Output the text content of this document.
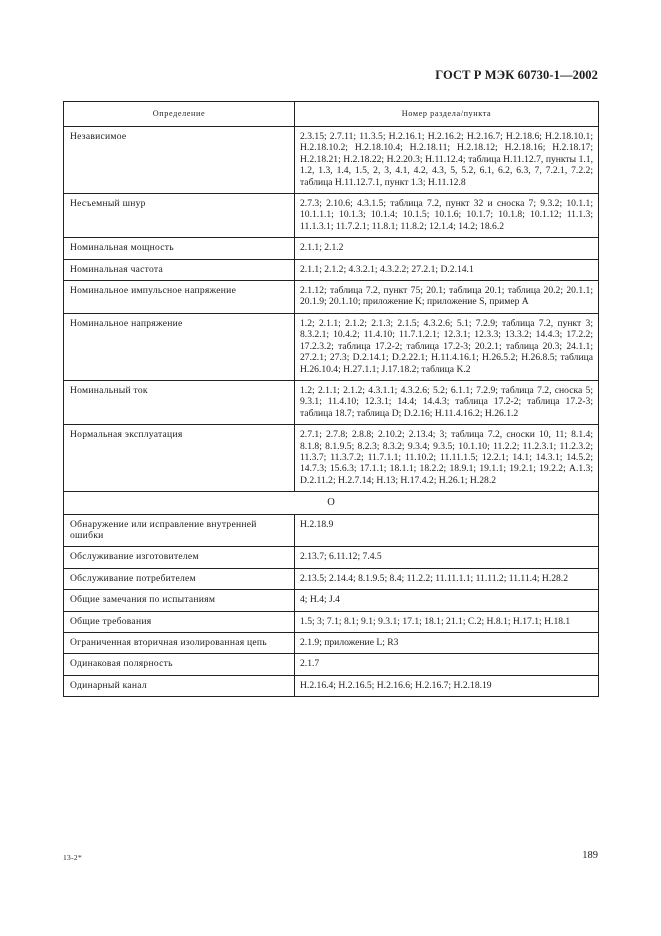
ГОСТ Р МЭК 60730-1—2002
Определение	Номер раздела/пункта
Независимое	2.3.15; 2.7.11; 11.3.5; Н.2.16.1; Н.2.16.2; Н.2.16.7; Н.2.18.6; Н.2.18.10.1; Н.2.18.10.2; Н.2.18.10.4; Н.2.18.11; Н.2.18.12; Н.2.18.16; Н.2.18.17; Н.2.18.21; Н.2.18.22; Н.2.20.3; Н.11.12.4; таблица Н.11.12.7, пункты 1.1, 1.2, 1.3, 1.4, 1.5, 2, 3, 4.1, 4.2, 4.3, 5, 5.2, 6.1, 6.2, 6.3, 7, 7.2.1, 7.2.2; таблица Н.11.12.7.1, пункт 1.3; Н.11.12.8
Несъемный шнур	2.7.3; 2.10.6; 4.3.1.5; таблица 7.2, пункт 32 и сноска 7; 9.3.2; 10.1.1; 10.1.1.1; 10.1.3; 10.1.4; 10.1.5; 10.1.6; 10.1.7; 10.1.8; 10.1.12; 11.1.3; 11.1.3.1; 11.7.2.1; 11.8.1; 11.8.2; 12.1.4; 14.2; 18.6.2
Номинальная мощность	2.1.1; 2.1.2
Номинальная частота	2.1.1; 2.1.2; 4.3.2.1; 4.3.2.2; 27.2.1; D.2.14.1
Номинальное импульсное напряжение	2.1.12; таблица 7.2, пункт 75; 20.1; таблица 20.1; таблица 20.2; 20.1.1; 20.1.9; 20.1.10; приложение K; приложение S, пример А
Номинальное напряжение	1.2; 2.1.1; 2.1.2; 2.1.3; 2.1.5; 4.3.2.6; 5.1; 7.2.9; таблица 7.2, пункт 3; 8.3.2.1; 10.4.2; 11.4.10; 11.7.1.2.1; 12.3.1; 12.3.3; 13.3.2; 14.4.3; 17.2.2; 17.2.3.2; таблица 17.2-2; таблица 17.2-3; 20.2.1; таблица 20.3; 24.1.1; 27.2.1; 27.3; D.2.14.1; D.2.22.1; Н.11.4.16.1; Н.26.5.2; Н.26.8.5; таблица Н.26.10.4; Н.27.1.1; J.17.18.2; таблица K.2
Номинальный ток	1.2; 2.1.1; 2.1.2; 4.3.1.1; 4.3.2.6; 5.2; 6.1.1; 7.2.9; таблица 7.2, сноска 5; 9.3.1; 11.4.10; 12.3.1; 14.4; 14.4.3; таблица 17.2-2; таблица 17.2-3; таблица 18.7; таблица D; D.2.16; Н.11.4.16.2; Н.26.1.2
Нормальная эксплуатация	2.7.1; 2.7.8; 2.8.8; 2.10.2; 2.13.4; 3; таблица 7.2, сноски 10, 11; 8.1.4; 8.1.8; 8.1.9.5; 8.2.3; 8.3.2; 9.3.4; 9.3.5; 10.1.10; 11.2.2; 11.2.3.1; 11.2.3.2; 11.3.7; 11.3.7.2; 11.7.1.1; 11.10.2; 11.11.1.5; 12.2.1; 14.1; 14.3.1; 14.5.2; 14.7.3; 15.6.3; 17.1.1; 18.1.1; 18.2.2; 18.9.1; 19.1.1; 19.2.1; 19.2.2; A.1.3; D.2.11.2; Н.2.7.14; Н.13; Н.17.4.2; Н.26.1; Н.28.2
О	
Обнаружение или исправление внутренней ошибки	Н.2.18.9
Обслуживание изготовителем	2.13.7; 6.11.12; 7.4.5
Обслуживание потребителем	2.13.5; 2.14.4; 8.1.9.5; 8.4; 11.2.2; 11.11.1.1; 11.11.2; 11.11.4; Н.28.2
Общие замечания по испытаниям	4; Н.4; J.4
Общие требования	1.5; 3; 7.1; 8.1; 9.1; 9.3.1; 17.1; 18.1; 21.1; С.2; Н.8.1; Н.17.1; Н.18.1
Ограниченная вторичная изолированная цепь	2.1.9; приложение L; R3
Одинаковая полярность	2.1.7
Одинарный канал	Н.2.16.4; Н.2.16.5; Н.2.16.6; Н.2.16.7; Н.2.18.19
13-2*	189
